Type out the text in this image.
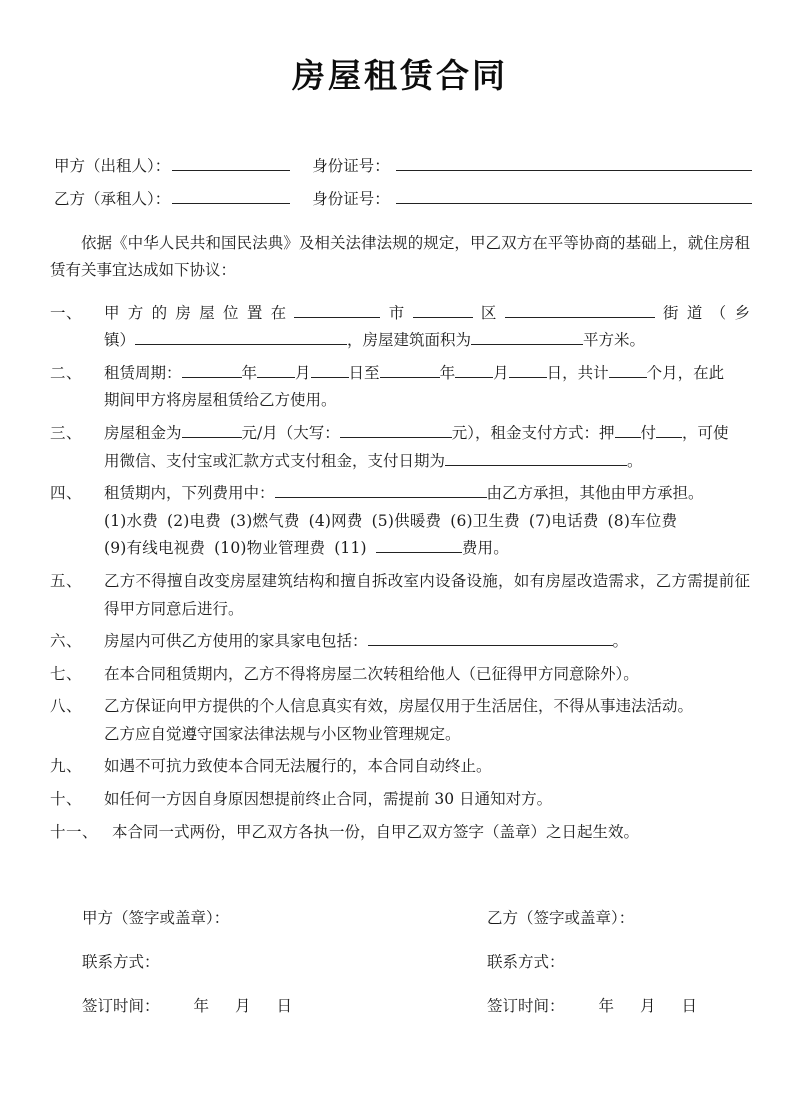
房屋租赁合同
甲方（出租人）：	身份证号：
乙方（承租人）：	身份证号：

依据《中华人民共和国民法典》及相关法律法规的规定，甲乙双方在平等协商的基础上，就住房租赁有关事宜达成如下协议：

一、	甲方的房屋位置在	市	区	街道（乡
镇）	，房屋建筑面积为	平方米。
二、	租赁周期：	年 月 日至	年 月 日，共计 个月，在此
期间甲方将房屋租赁给乙方使用。
三、	房屋租金为	元/月（大写：	元），租金支付方式：押 付 ，可使
用微信、支付宝或汇款方式支付租金，支付日期为	。
四、	租赁期内，下列费用中：	由乙方承担，其他由甲方承担。
(1)水费 (2)电费 (3)燃气费 (4)网费 (5)供暖费 (6)卫生费 (7)电话费 (8)车位费
(9)有线电视费 (10)物业管理费 (11)	费用。
五、	乙方不得擅自改变房屋建筑结构和擅自拆改室内设备设施，如有房屋改造需求，乙方需提前征得甲方同意后进行。
六、	房屋内可供乙方使用的家具家电包括：	。
七、	在本合同租赁期内，乙方不得将房屋二次转租给他人（已征得甲方同意除外）。
八、	乙方保证向甲方提供的个人信息真实有效，房屋仅用于生活居住，不得从事违法活动。
乙方应自觉遵守国家法律法规与小区物业管理规定。
九、	如遇不可抗力致使本合同无法履行的，本合同自动终止。
十、	如任何一方因自身原因想提前终止合同，需提前 30 日通知对方。
十一、 本合同一式两份，甲乙双方各执一份，自甲乙双方签字（盖章）之日起生效。
甲方（签字或盖章）：
联系方式：
签订时间： 年 月 日
乙方（签字或盖章）：
联系方式：
签订时间： 年 月 日
